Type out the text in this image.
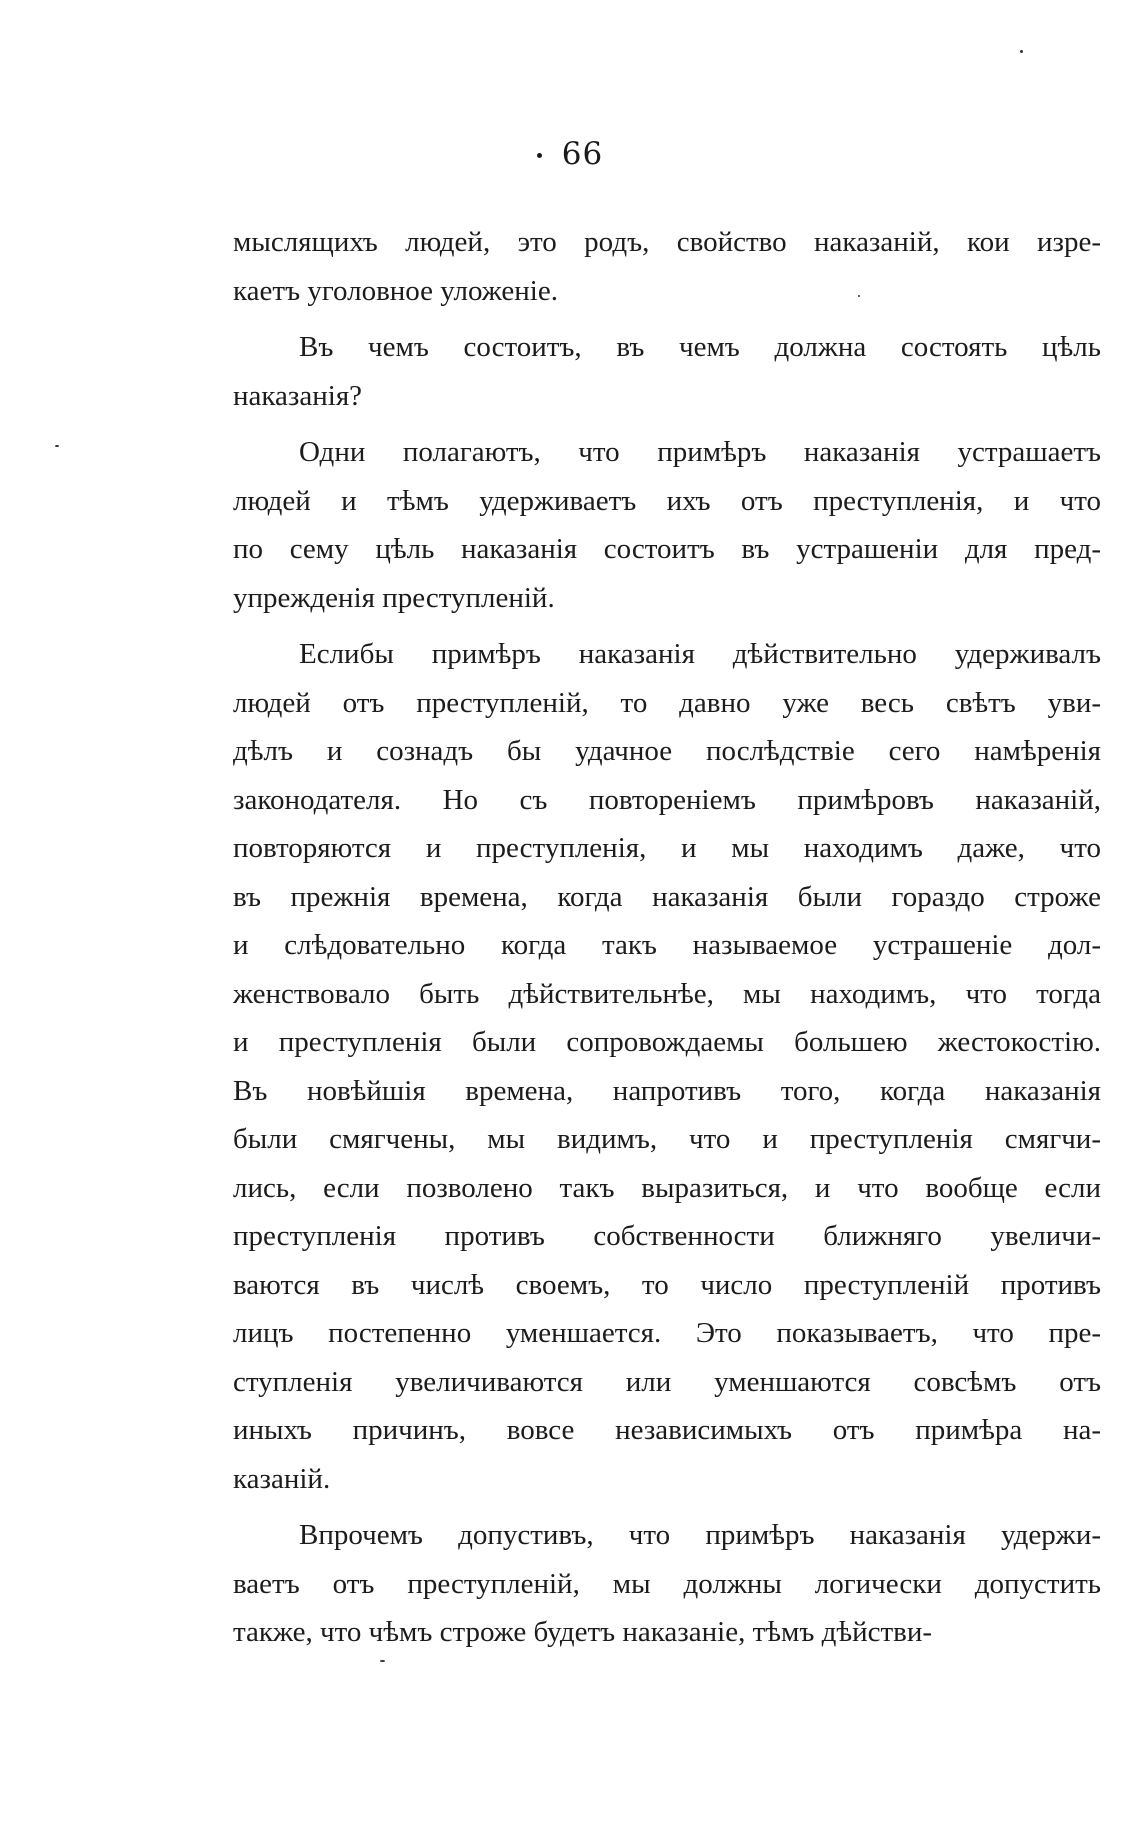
66
мыслящихъ людей, это родъ, свойство наказаній, кои изре-
каетъ уголовное уложеніе.
Въ чемъ состоитъ, въ чемъ должна состоять цѣль
наказанія?
Одни полагаютъ, что примѣръ наказанія устрашаетъ
людей и тѣмъ удерживаетъ ихъ отъ преступленія, и что
по сему цѣль наказанія состоитъ въ устрашеніи для пред-
упрежденія преступленій.
Еслибы примѣръ наказанія дѣйствительно удерживалъ
людей отъ преступленій, то давно уже весь свѣтъ уви-
дѣлъ и сознадъ бы удачное послѣдствіе сего намѣренія
законодателя. Но съ повтореніемъ примѣровъ наказаній,
повторяются и преступленія, и мы находимъ даже, что
въ прежнія времена, когда наказанія были гораздо строже
и слѣдовательно когда такъ называемое устрашеніе дол-
женствовало быть дѣйствительнѣе, мы находимъ, что тогда
и преступленія были сопровождаемы большею жестокостію.
Въ новѣйшія времена, напротивъ того, когда наказанія
были смягчены, мы видимъ, что и преступленія смягчи-
лись, если позволено такъ выразиться, и что вообще если
преступленія противъ собственности ближняго увеличи-
ваются въ числѣ своемъ, то число преступленій противъ
лицъ постепенно уменшается. Это показываетъ, что пре-
ступленія увеличиваются или уменшаются совсѣмъ отъ
иныхъ причинъ, вовсе независимыхъ отъ примѣра на-
казаній.
Впрочемъ допустивъ, что примѣръ наказанія удержи-
ваетъ отъ преступленій, мы должны логически допустить
также, что чѣмъ строже будетъ наказаніе, тѣмъ дѣйстви-
